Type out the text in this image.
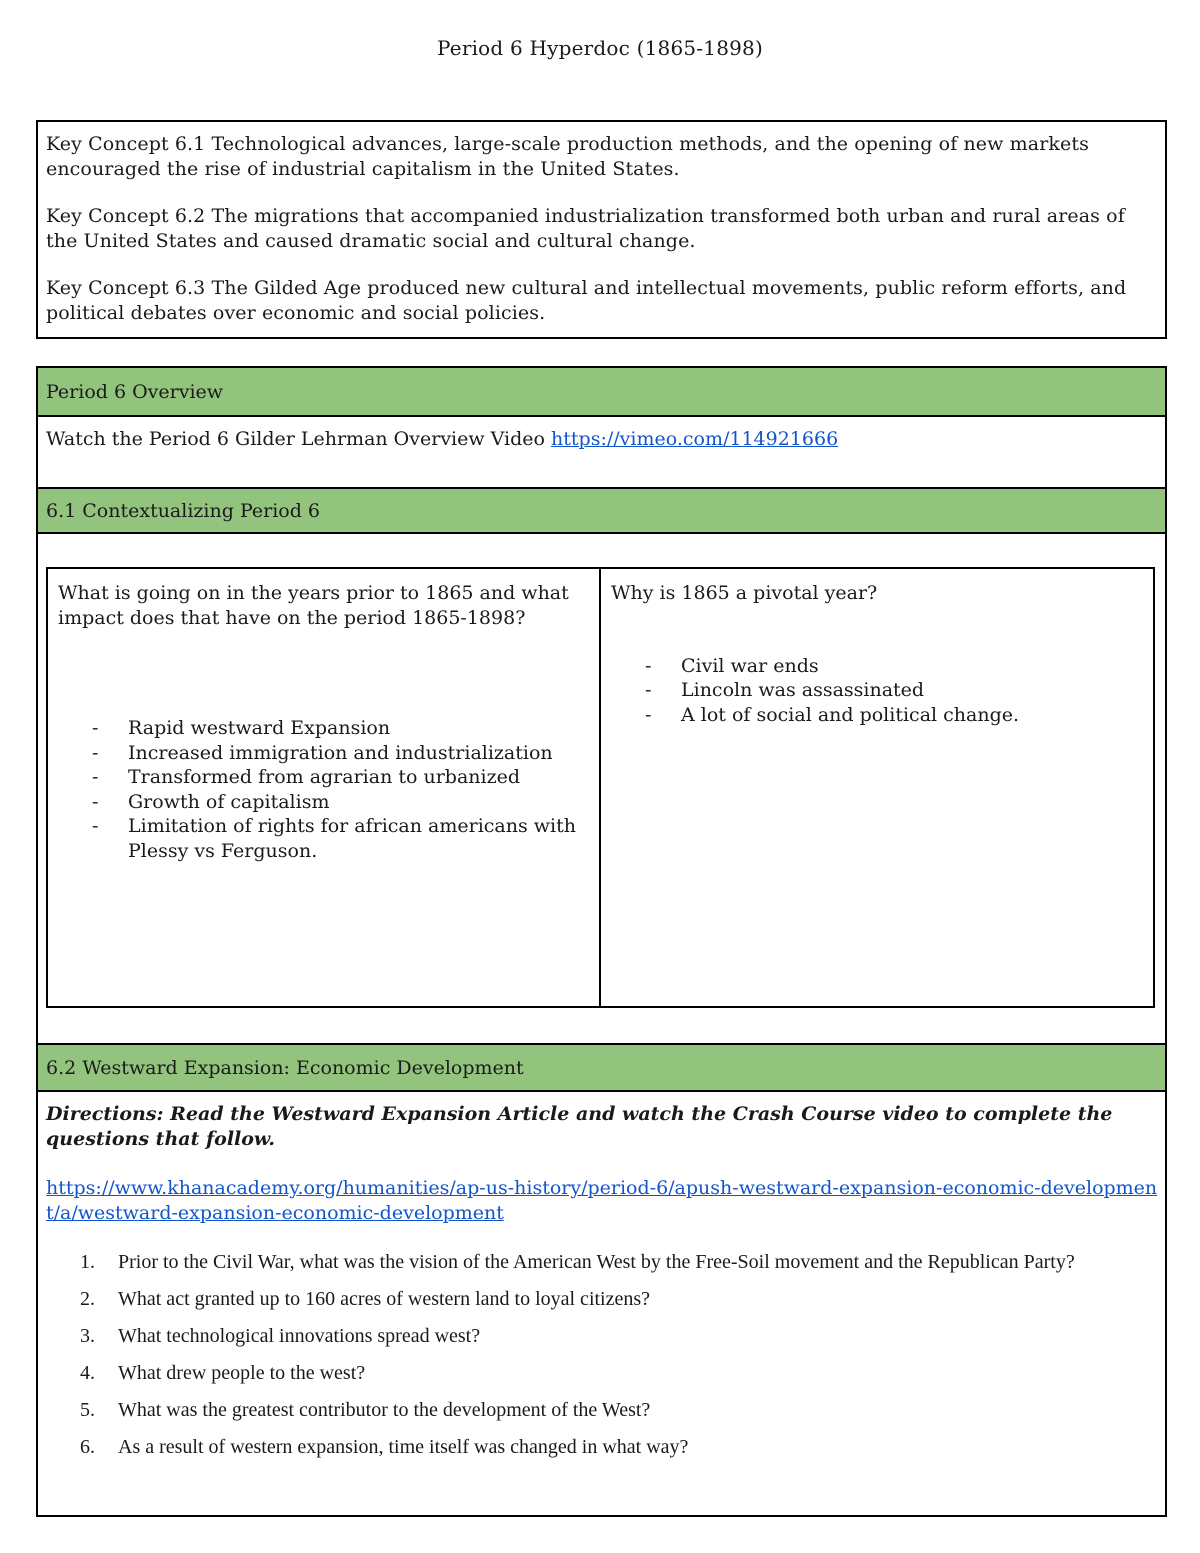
Period 6 Hyperdoc (1865-1898)

Key Concept 6.1 Technological advances, large-scale production methods, and the opening of new markets encouraged the rise of industrial capitalism in the United States.

Key Concept 6.2 The migrations that accompanied industrialization transformed both urban and rural areas of the United States and caused dramatic social and cultural change.

Key Concept 6.3 The Gilded Age produced new cultural and intellectual movements, public reform efforts, and political debates over economic and social policies.

Period 6 Overview
Watch the Period 6 Gilder Lehrman Overview Video https://vimeo.com/114921666
6.1 Contextualizing Period 6
What is going on in the years prior to 1865 and what impact does that have on the period 1865-1898?
- Rapid westward Expansion
- Increased immigration and industrialization
- Transformed from agrarian to urbanized
- Growth of capitalism
- Limitation of rights for african americans with Plessy vs Ferguson.
Why is 1865 a pivotal year?
- Civil war ends
- Lincoln was assassinated
- A lot of social and political change.
6.2 Westward Expansion: Economic Development
Directions: Read the Westward Expansion Article and watch the Crash Course video to complete the questions that follow.
https://www.khanacademy.org/humanities/ap-us-history/period-6/apush-westward-expansion-economic-development/a/westward-expansion-economic-development
1. Prior to the Civil War, what was the vision of the American West by the Free-Soil movement and the Republican Party?
2. What act granted up to 160 acres of western land to loyal citizens?
3. What technological innovations spread west?
4. What drew people to the west?
5. What was the greatest contributor to the development of the West?
6. As a result of western expansion, time itself was changed in what way?
